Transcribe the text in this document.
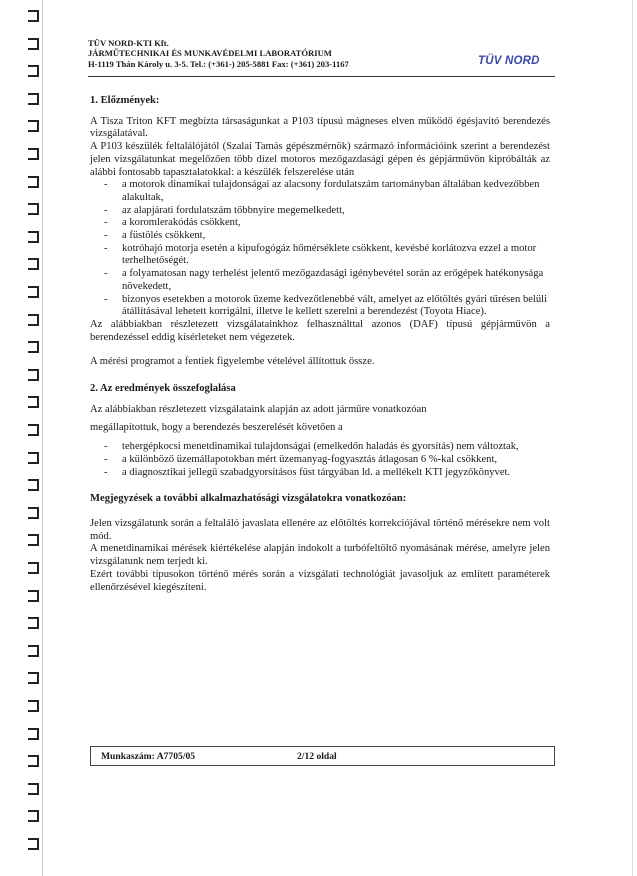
TÜV NORD-KTI Kft.
JÁRMŰTECHNIKAI ÉS MUNKAVÉDELMI LABORATÓRIUM
H-1119 Thán Károly u. 3-5. Tel.: (+361-) 205-5881 Fax: (+361) 203-1167	TÜV NORD
1. Előzmények:

A Tisza Triton KFT megbízta társaságunkat a P103 típusú mágneses elven működő égésjavító berendezés vizsgálatával.

A P103 készülék feltalálójától (Szalai Tamás gépészmérnök) származó információink szerint a berendezést jelen vizsgálatunkat megelőzően több dízel motoros mezőgazdasági gépen és gépjárművön kipróbálták az alábbi fontosabb tapasztalatokkal: a készülék felszerelése után

- a motorok dinamikai tulajdonságai az alacsony fordulatszám tartományban általában kedvezőbben alakultak,
- az alapjárati fordulatszám többnyire megemelkedett,
- a koromlerakódás csökkent,
- a füstölés csökkent,
- kotróhajó motorja esetén a kipufogógáz hőmérséklete csökkent, kevésbé korlátozva ezzel a motor terhelhetőségét.
- a folyamatosan nagy terhelést jelentő mezőgazdasági igénybevétel során az erőgépek hatékonysága növekedett,
- bizonyos esetekben a motorok üzeme kedvezőtlenebbé vált, amelyet az előtöltés gyári tűrésen belüli átállításával lehetett korrigálni, illetve le kellett szerelni a berendezést (Toyota Hiace).

Az alábbiakban részletezett vizsgálatainkhoz felhasználttal azonos (DAF) típusú gépjárművön a berendezéssel eddig kísérleteket nem végezetek.

A mérési programot a fentiek figyelembe vételével állítottuk össze.

2. Az eredmények összefoglalása

Az alábbiakban részletezett vizsgálataink alapján az adott járműre vonatkozóan

megállapítottuk, hogy a berendezés beszerelését követően a

- tehergépkocsi menetdinamikai tulajdonságai (emelkedőn haladás és gyorsítás) nem változtak,
- a különböző üzemállapotokban mért üzemanyag-fogyasztás átlagosan 6 %-kal csökkent,
- a diagnosztikai jellegű szabadgyorsításos füst tárgyában ld. a mellékelt KTI jegyzőkönyvet.
Megjegyzések a további alkalmazhatósági vizsgálatokra vonatkozóan:

Jelen vizsgálatunk során a feltaláló javaslata ellenére az előtöltés korrekciójával történő mérésekre nem volt mód.

A menetdinamikai mérések kiértékelése alapján indokolt a turbófeltöltő nyomásának mérése, amelyre jelen vizsgálatunk nem terjedt ki.

Ezért további típusokon történő mérés során a vizsgálati technológiát javasoljuk az említett paraméterek ellenőrzésével kiegészíteni.

Munkaszám: A7705/05	2/12 oldal
